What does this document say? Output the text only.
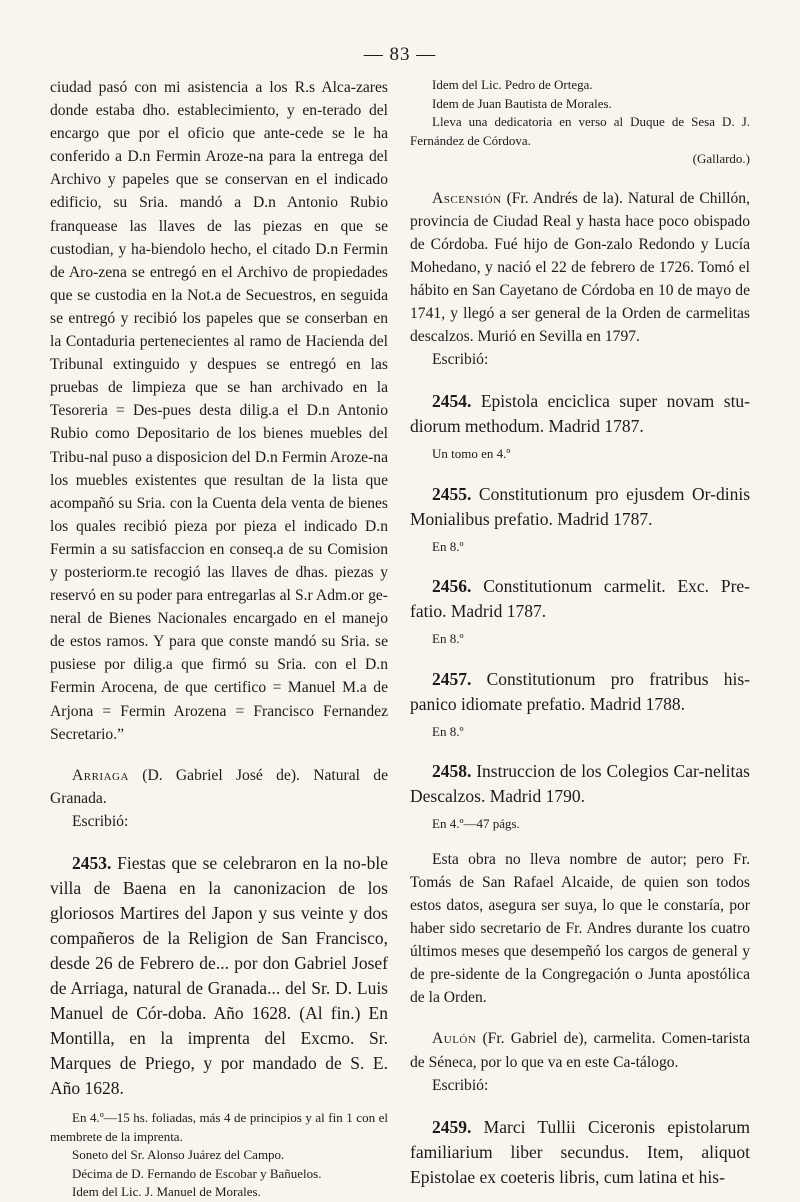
— 83 —

ciudad pasó con mi asistencia a los R.s Alca-zares donde estaba dho. establecimiento, y en-terado del encargo que por el oficio que ante-cede se le ha conferido a D.n Fermin Aroze-na para la entrega del Archivo y papeles que se conservan en el indicado edificio, su Sria. mandó a D.n Antonio Rubio franquease las llaves de las piezas en que se custodian, y ha-biendolo hecho, el citado D.n Fermin de Aro-zena se entregó en el Archivo de propiedades que se custodia en la Not.a de Secuestros, en seguida se entregó y recibió los papeles que se conserban en la Contaduria pertenecientes al ramo de Hacienda del Tribunal extinguido y despues se entregó en las pruebas de limpieza que se han archivado en la Tesoreria = Des-pues desta dilig.a el D.n Antonio Rubio como Depositario de los bienes muebles del Tribu-nal puso a disposicion del D.n Fermin Aroze-na los muebles existentes que resultan de la lista que acompañó su Sria. con la Cuenta dela venta de bienes los quales recibió pieza por pieza el indicado D.n Fermin a su satisfaccion en conseq.a de su Comision y posteriorm.te recogió las llaves de dhas. piezas y reservó en su poder para entregarlas al S.r Adm.or ge-neral de Bienes Nacionales encargado en el manejo de estos ramos. Y para que conste mandó su Sria. se pusiese por dilig.a que firmó su Sria. con el D.n Fermin Arocena, de que certifico = Manuel M.a de Arjona = Fermin Arozena = Francisco Fernandez Secretario.”

Arriaga (D. Gabriel José de). Natural de Granada.

Escribió:

2453. Fiestas que se celebraron en la no-ble villa de Baena en la canonizacion de los gloriosos Martires del Japon y sus veinte y dos compañeros de la Religion de San Francisco, desde 26 de Febrero de... por don Gabriel Josef de Arriaga, natural de Granada... del Sr. D. Luis Manuel de Cór-doba. Año 1628. (Al fin.) En Montilla, en la imprenta del Excmo. Sr. Marques de Priego, y por mandado de S. E. Año 1628.

En 4.º—15 hs. foliadas, más 4 de principios y al fin 1 con el membrete de la imprenta.

Soneto del Sr. Alonso Juárez del Campo.

Décima de D. Fernando de Escobar y Bañuelos.

Idem del Lic. J. Manuel de Morales.

Idem del Lic. Pedro de Ortega.

Idem de Juan Bautista de Morales.

Lleva una dedicatoria en verso al Duque de Sesa D. J. Fernández de Córdova.

(Gallardo.)

Ascensión (Fr. Andrés de la). Natural de Chillón, provincia de Ciudad Real y hasta hace poco obispado de Córdoba. Fué hijo de Gon-zalo Redondo y Lucía Mohedano, y nació el 22 de febrero de 1726. Tomó el hábito en San Cayetano de Córdoba en 10 de mayo de 1741, y llegó a ser general de la Orden de carmelitas descalzos. Murió en Sevilla en 1797.

Escribió:

2454. Epistola enciclica super novam stu-diorum methodum. Madrid 1787.

Un tomo en 4.º

2455. Constitutionum pro ejusdem Or-dinis Monialibus prefatio. Madrid 1787.

En 8.º

2456. Constitutionum carmelit. Exc. Pre-fatio. Madrid 1787.

En 8.º

2457. Constitutionum pro fratribus his-panico idiomate prefatio. Madrid 1788.

En 8.º

2458. Instruccion de los Colegios Car-nelitas Descalzos. Madrid 1790.

En 4.º—47 págs.

Esta obra no lleva nombre de autor; pero Fr. Tomás de San Rafael Alcaide, de quien son todos estos datos, asegura ser suya, lo que le constaría, por haber sido secretario de Fr. Andres durante los cuatro últimos meses que desempeñó los cargos de general y de pre-sidente de la Congregación o Junta apostólica de la Orden.

Aulón (Fr. Gabriel de), carmelita. Comen-tarista de Séneca, por lo que va en este Ca-tálogo.

Escribió:

2459. Marci Tullii Ciceronis epistolarum familiarium liber secundus. Item, aliquot Epistolae ex coeteris libris, cum latina et his-
